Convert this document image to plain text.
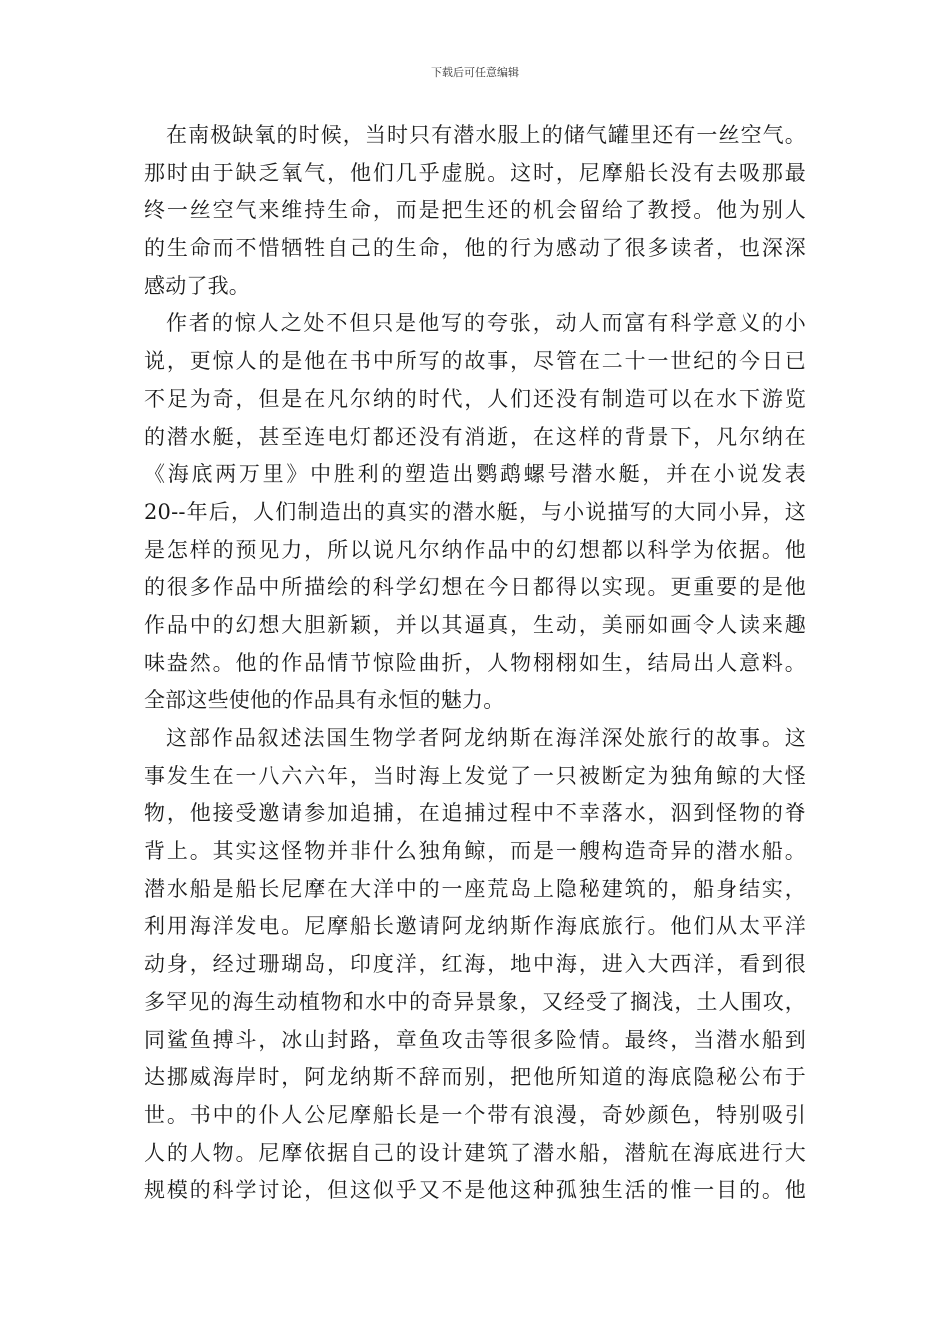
下载后可任意编辑
在南极缺氧的时候，当时只有潜水服上的储气罐里还有一丝空气。
那时由于缺乏氧气，他们几乎虚脱。这时，尼摩船长没有去吸那最
终一丝空气来维持生命，而是把生还的机会留给了教授。他为别人
的生命而不惜牺牲自己的生命，他的行为感动了很多读者，也深深
感动了我。
作者的惊人之处不但只是他写的夸张，动人而富有科学意义的小
说，更惊人的是他在书中所写的故事，尽管在二十一世纪的今日已
不足为奇，但是在凡尔纳的时代，人们还没有制造可以在水下游览
的潜水艇，甚至连电灯都还没有消逝，在这样的背景下，凡尔纳在
《海底两万里》中胜利的塑造出鹦鹉螺号潜水艇，并在小说发表
20--年后，人们制造出的真实的潜水艇，与小说描写的大同小异，这
是怎样的预见力，所以说凡尔纳作品中的幻想都以科学为依据。他
的很多作品中所描绘的科学幻想在今日都得以实现。更重要的是他
作品中的幻想大胆新颖，并以其逼真，生动，美丽如画令人读来趣
味盎然。他的作品情节惊险曲折，人物栩栩如生，结局出人意料。
全部这些使他的作品具有永恒的魅力。
这部作品叙述法国生物学者阿龙纳斯在海洋深处旅行的故事。这
事发生在一八六六年，当时海上发觉了一只被断定为独角鲸的大怪
物，他接受邀请参加追捕，在追捕过程中不幸落水，泅到怪物的脊
背上。其实这怪物并非什么独角鲸，而是一艘构造奇异的潜水船。
潜水船是船长尼摩在大洋中的一座荒岛上隐秘建筑的，船身结实，
利用海洋发电。尼摩船长邀请阿龙纳斯作海底旅行。他们从太平洋
动身，经过珊瑚岛，印度洋，红海，地中海，进入大西洋，看到很
多罕见的海生动植物和水中的奇异景象，又经受了搁浅，土人围攻，
同鲨鱼搏斗，冰山封路，章鱼攻击等很多险情。最终，当潜水船到
达挪威海岸时，阿龙纳斯不辞而别，把他所知道的海底隐秘公布于
世。书中的仆人公尼摩船长是一个带有浪漫，奇妙颜色，特别吸引
人的人物。尼摩依据自己的设计建筑了潜水船，潜航在海底进行大
规模的科学讨论，但这似乎又不是他这种孤独生活的惟一目的。他
